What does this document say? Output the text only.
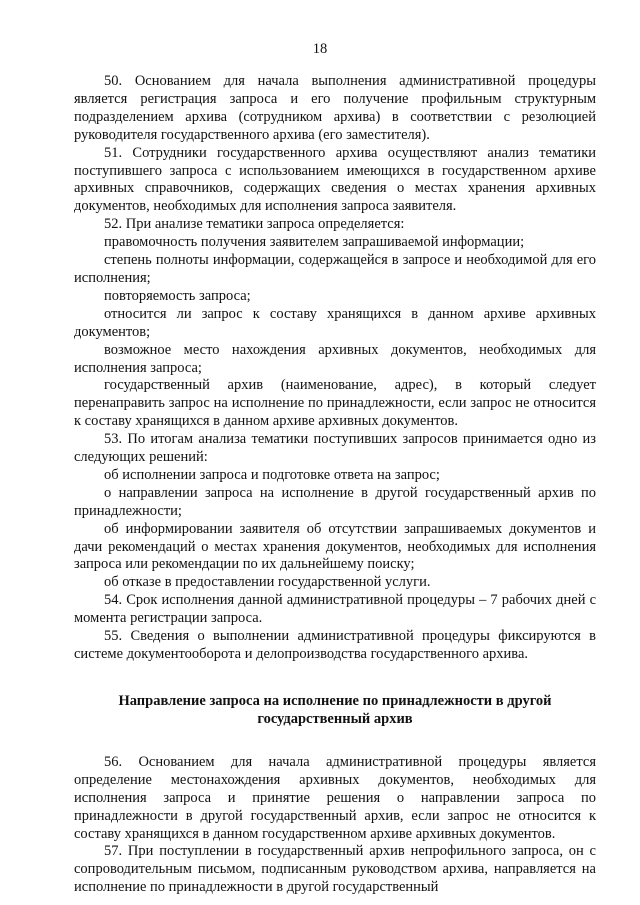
18

50. Основанием для начала выполнения административной процедуры является регистрация запроса и его получение профильным структурным подразделением архива (сотрудником архива) в соответствии с резолюцией руководителя государственного архива (его заместителя).

51. Сотрудники государственного архива осуществляют анализ тематики поступившего запроса с использованием имеющихся в государственном архиве архивных справочников, содержащих сведения о местах хранения архивных документов, необходимых для исполнения запроса заявителя.

52. При анализе тематики запроса определяется:

правомочность получения заявителем запрашиваемой информации;

степень полноты информации, содержащейся в запросе и необходимой для его исполнения;

повторяемость запроса;

относится ли запрос к составу хранящихся в данном архиве архивных документов;

возможное место нахождения архивных документов, необходимых для исполнения запроса;

государственный архив (наименование, адрес), в который следует перенаправить запрос на исполнение по принадлежности, если запрос не относится к составу хранящихся в данном архиве архивных документов.

53. По итогам анализа тематики поступивших запросов принимается одно из следующих решений:

об исполнении запроса и подготовке ответа на запрос;

о направлении запроса на исполнение в другой государственный архив по принадлежности;

об информировании заявителя об отсутствии запрашиваемых документов и дачи рекомендаций о местах хранения документов, необходимых для исполнения запроса или рекомендации по их дальнейшему поиску;

об отказе в предоставлении государственной услуги.

54. Срок исполнения данной административной процедуры – 7 рабочих дней с момента регистрации запроса.

55. Сведения о выполнении административной процедуры фиксируются в системе документооборота и делопроизводства государственного архива.

Направление запроса на исполнение по принадлежности в другой государственный архив

56. Основанием для начала административной процедуры является определение местонахождения архивных документов, необходимых для исполнения запроса и принятие решения о направлении запроса по принадлежности в другой государственный архив, если запрос не относится к составу хранящихся в данном государственном архиве архивных документов.

57. При поступлении в государственный архив непрофильного запроса, он с сопроводительным письмом, подписанным руководством архива, направляется на исполнение по принадлежности в другой государственный
